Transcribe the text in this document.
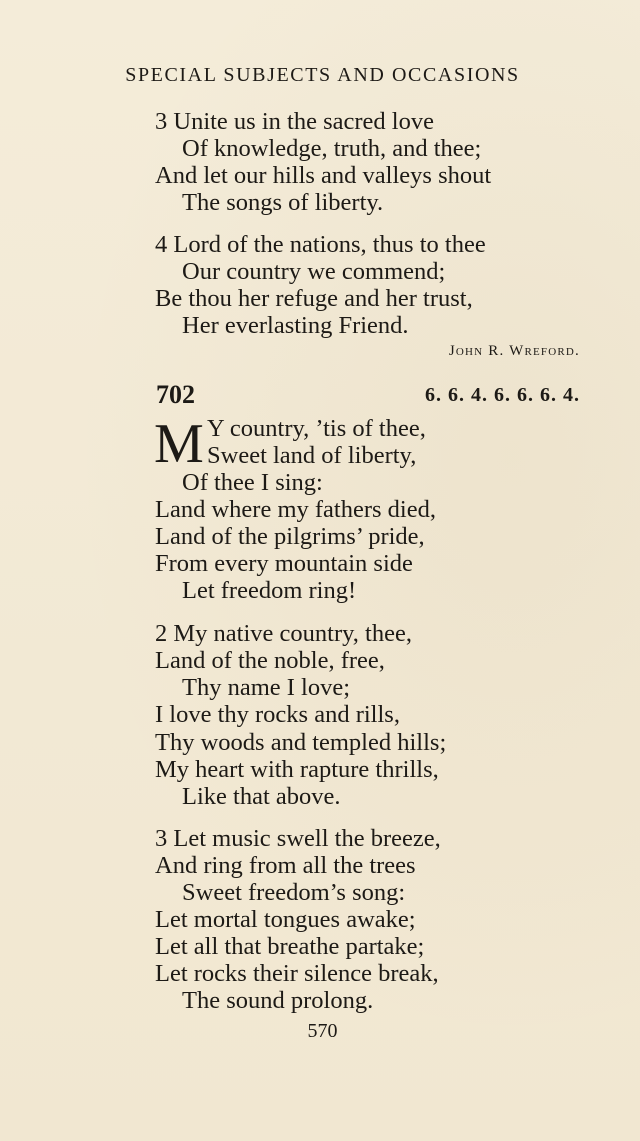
SPECIAL SUBJECTS AND OCCASIONS
3 Unite us in the sacred love
Of knowledge, truth, and thee;
And let our hills and valleys shout
The songs of liberty.
4 Lord of the nations, thus to thee
Our country we commend;
Be thou her refuge and her trust,
Her everlasting Friend.
John R. Wreford.
702	6. 6. 4. 6. 6. 6. 4.
M Y country, ’tis of thee,
Sweet land of liberty,
Of thee I sing:
Land where my fathers died,
Land of the pilgrims’ pride,
From every mountain side
Let freedom ring!
2 My native country, thee,
Land of the noble, free,
Thy name I love;
I love thy rocks and rills,
Thy woods and templed hills;
My heart with rapture thrills,
Like that above.
3 Let music swell the breeze,
And ring from all the trees
Sweet freedom’s song:
Let mortal tongues awake;
Let all that breathe partake;
Let rocks their silence break,
The sound prolong.
570
